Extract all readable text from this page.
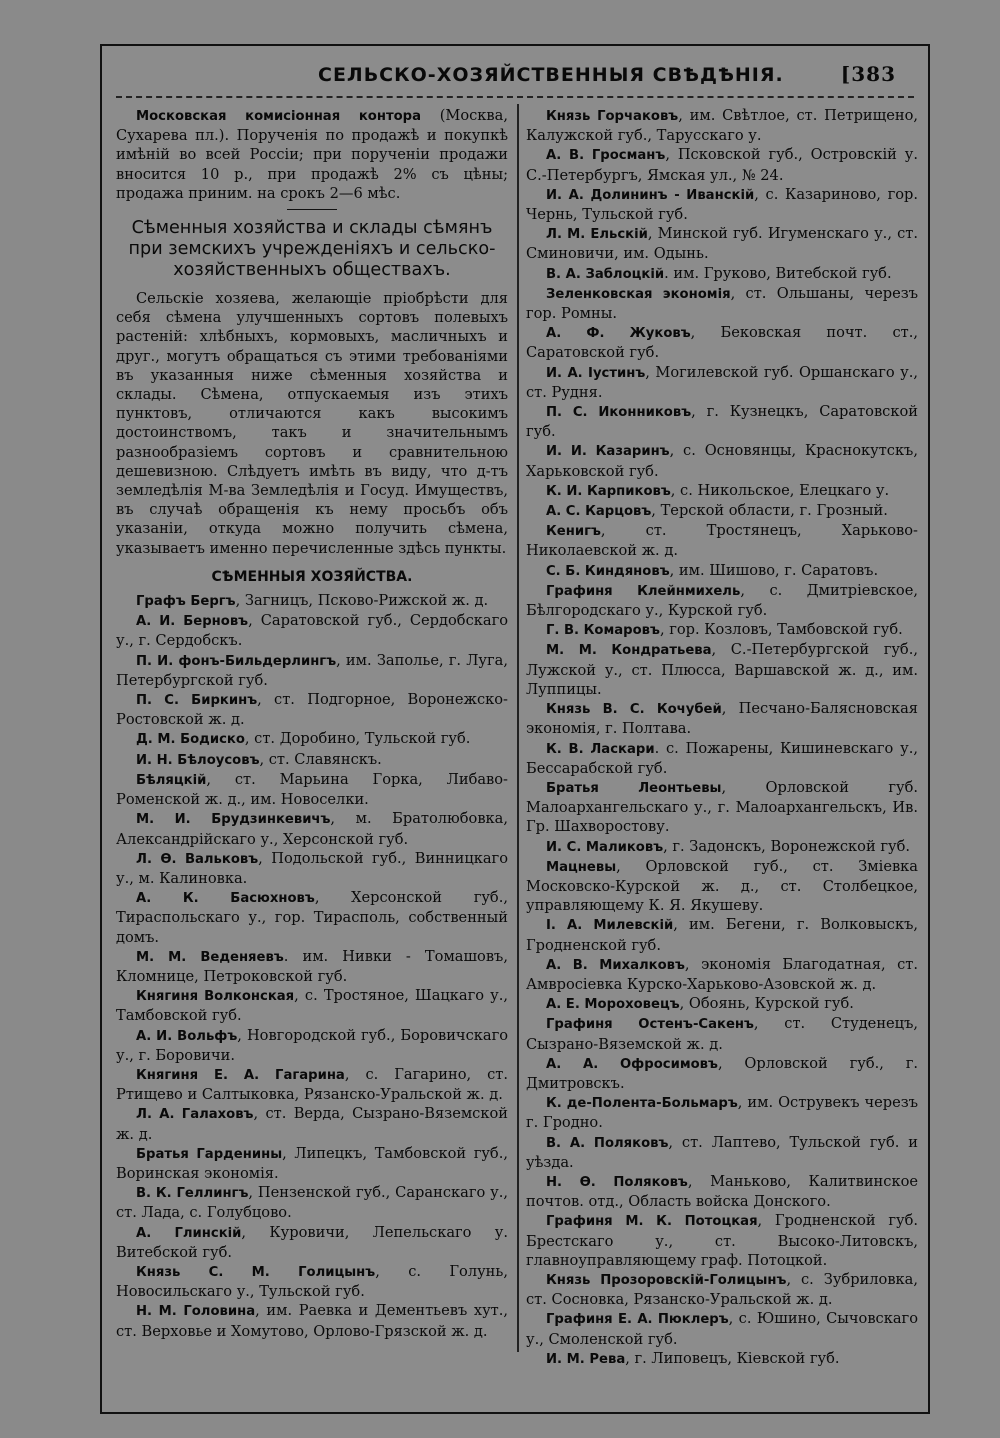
СЕЛЬСКО-ХОЗЯЙСТВЕННЫЯ СВѢДѢНІЯ.	[383

Московская комисіонная контора (Москва, Сухарева пл.). Порученія по продажѣ и покупкѣ имѣній во всей Россіи; при порученіи продажи вносится 10 р., при продажѣ 2% съ цѣны; продажа приним. на срокъ 2—6 мѣс.

Сѣменныя хозяйства и склады сѣмянъ при земскихъ учрежденіяхъ и сельско-хозяйственныхъ обществахъ.

Сельскіе хозяева, желающіе пріобрѣсти для себя сѣмена улучшенныхъ сортовъ полевыхъ растеній: хлѣбныхъ, кормовыхъ, масличныхъ и друг., могутъ обращаться съ этими требованіями въ указанныя ниже сѣменныя хозяйства и склады. Сѣмена, отпускаемыя изъ этихъ пунктовъ, отличаются какъ высокимъ достоинствомъ, такъ и значительнымъ разнообразіемъ сортовъ и сравнительною дешевизною. Слѣдуетъ имѣть въ виду, что д-тъ земледѣлія М-ва Земледѣлія и Госуд. Имуществъ, въ случаѣ обращенія къ нему просьбъ объ указаніи, откуда можно получить сѣмена, указываетъ именно перечисленные здѣсь пункты.

СѢМЕННЫЯ ХОЗЯЙСТВА.

Графъ Бергъ, Загницъ, Псково-Рижской ж. д.

А. И. Берновъ, Саратовской губ., Сердобскаго у., г. Сердобскъ.

П. И. фонъ-Бильдерлингъ, им. Заполье, г. Луга, Петербургской губ.

П. С. Биркинъ, ст. Подгорное, Воронежско-Ростовской ж. д.

Д. М. Бодиско, ст. Доробино, Тульской губ.

И. Н. Бѣлоусовъ, ст. Славянскъ.

Бѣляцкій, ст. Марьина Горка, Либаво-Роменской ж. д., им. Новоселки.

М. И. Брудзинкевичъ, м. Братолюбовка, Александрійскаго у., Херсонской губ.

Л. Ѳ. Вальковъ, Подольской губ., Винницкаго у., м. Калиновка.

А. К. Басюхновъ, Херсонской губ., Тираспольскаго у., гор. Тирасполь, собственный домъ.

М. М. Веденяевъ. им. Нивки - Томашовъ, Кломнице, Петроковской губ.

Княгиня Волконская, с. Тростяное, Шацкаго у., Тамбовской губ.

А. И. Вольфъ, Новгородской губ., Боровичскаго у., г. Боровичи.

Княгиня Е. А. Гагарина, с. Гагарино, ст. Ртищево и Салтыковка, Рязанско-Уральской ж. д.

Л. А. Галаховъ, ст. Верда, Сызрано-Вяземской ж. д.

Братья Гарденины, Липецкъ, Тамбовской губ., Воринская экономія.

В. К. Геллингъ, Пензенской губ., Саранскаго у., ст. Лада, с. Голубцово.

А. Глинскій, Куровичи, Лепельскаго у. Витебской губ.

Князь С. М. Голицынъ, с. Голунь, Новосильскаго у., Тульской губ.

Н. М. Головина, им. Раевка и Дементьевъ хут., ст. Верховье и Хомутово, Орлово-Грязской ж. д.

Князь Горчаковъ, им. Свѣтлое, ст. Петрищено, Калужской губ., Тарусскаго у.

А. В. Гросманъ, Псковской губ., Островскій у. С.-Петербургъ, Ямская ул., № 24.

И. А. Долининъ - Иванскій, с. Казариново, гор. Чернь, Тульской губ.

Л. М. Ельскій, Минской губ. Игуменскаго у., ст. Сминовичи, им. Одынь.

В. А. Заблоцкій. им. Груково, Витебской губ.

Зеленковская экономія, ст. Ольшаны, черезъ гор. Ромны.

А. Ф. Жуковъ, Бековская почт. ст., Саратовской губ.

И. А. Іустинъ, Могилевской губ. Оршанскаго у., ст. Рудня.

П. С. Иконниковъ, г. Кузнецкъ, Саратовской губ.

И. И. Казаринъ, с. Основянцы, Краснокутскъ, Харьковской губ.

К. И. Карпиковъ, с. Никольское, Елецкаго у.

А. С. Карцовъ, Терской области, г. Грозный.

Кенигъ, ст. Тростянецъ, Харьково-Николаевской ж. д.

С. Б. Киндяновъ, им. Шишово, г. Саратовъ.

Графиня Клейнмихель, с. Дмитріевское, Бѣлгородскаго у., Курской губ.

Г. В. Комаровъ, гор. Козловъ, Тамбовской губ.

М. М. Кондратьева, С.-Петербургской губ., Лужской у., ст. Плюсса, Варшавской ж. д., им. Луппицы.

Князь В. С. Кочубей, Песчано-Балясновская экономія, г. Полтава.

К. В. Ласкари. с. Пожарены, Кишиневскаго у., Бессарабской губ.

Братья Леонтьевы, Орловской губ. Малоархангельскаго у., г. Малоархангельскъ, Ив. Гр. Шахворостову.

И. С. Маликовъ, г. Задонскъ, Воронежской губ.

Мацневы, Орловской губ., ст. Зміевка Московско-Курской ж. д., ст. Столбецкое, управляющему К. Я. Якушеву.

І. А. Милевскій, им. Бегени, г. Волковыскъ, Гродненской губ.

А. В. Михалковъ, экономія Благодатная, ст. Амвросіевка Курско-Харьково-Азовской ж. д.

А. Е. Мороховецъ, Обоянь, Курской губ.

Графиня Остенъ-Сакенъ, ст. Студенецъ, Сызрано-Вяземской ж. д.

А. А. Офросимовъ, Орловской губ., г. Дмитровскъ.

К. де-Полента-Больмаръ, им. Острувекъ черезъ г. Гродно.

В. А. Поляковъ, ст. Лаптево, Тульской губ. и уѣзда.

Н. Ѳ. Поляковъ, Маньково, Калитвинское почтов. отд., Область войска Донского.

Графиня М. К. Потоцкая, Гродненской губ. Брестскаго у., ст. Высоко-Литовскъ, главноуправляющему граф. Потоцкой.

Князь Прозоровскій-Голицынъ, с. Зубриловка, ст. Сосновка, Рязанско-Уральской ж. д.

Графиня Е. А. Пюклеръ, с. Юшино, Сычовскаго у., Смоленской губ.

И. М. Рева, г. Липовецъ, Кіевской губ.
